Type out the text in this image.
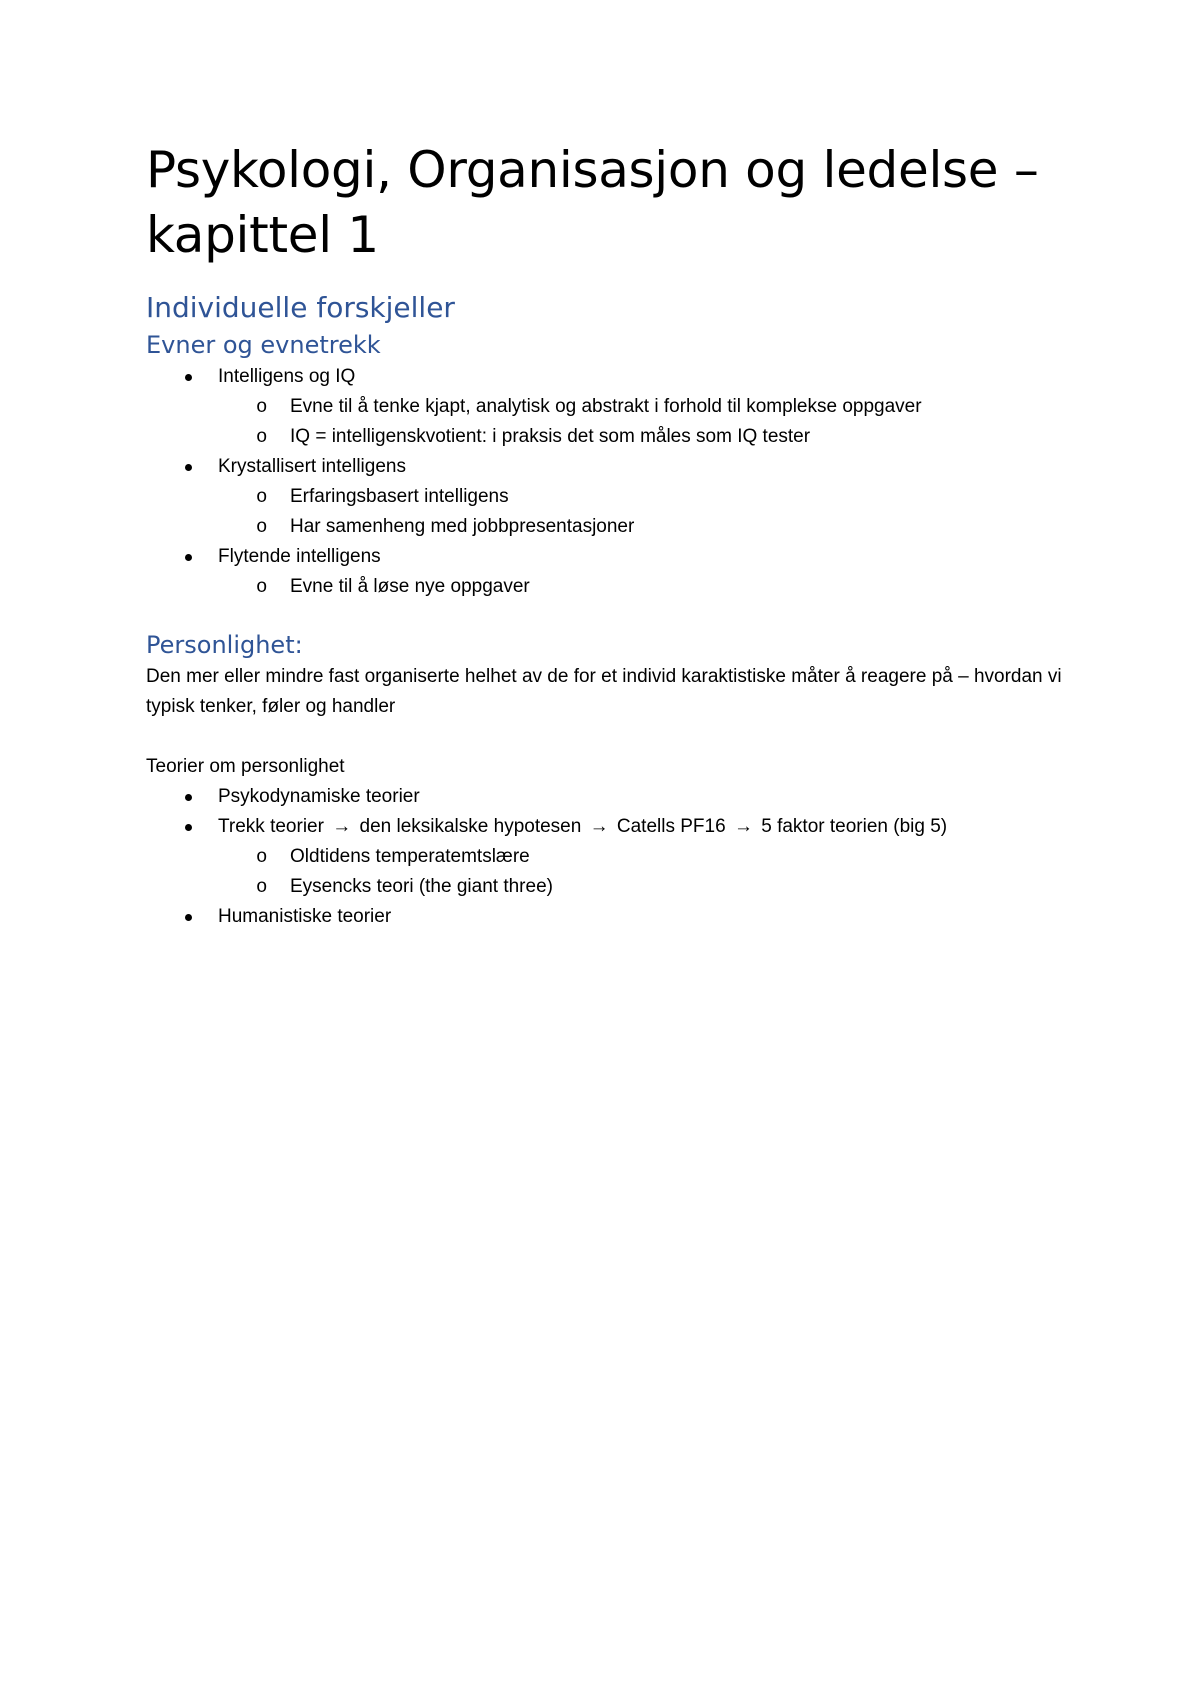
Psykologi, Organisasjon og ledelse – kapittel 1
Individuelle forskjeller
Evner og evnetrekk
Intelligens og IQ
o Evne til å tenke kjapt, analytisk og abstrakt i forhold til komplekse oppgaver
o IQ = intelligenskvotient: i praksis det som måles som IQ tester
Krystallisert intelligens
o Erfaringsbasert intelligens
o Har samenheng med jobbpresentasjoner
Flytende intelligens
o Evne til å løse nye oppgaver
Personlighet:

Den mer eller mindre fast organiserte helhet av de for et individ karaktistiske måter å reagere på – hvordan vi typisk tenker, føler og handler

Teorier om personlighet

Psykodynamiske teorier
Trekk teorier → den leksikalske hypotesen → Catells PF16 → 5 faktor teorien (big 5)
o Oldtidens temperatemtslære
o Eysencks teori (the giant three)
Humanistiske teorier
